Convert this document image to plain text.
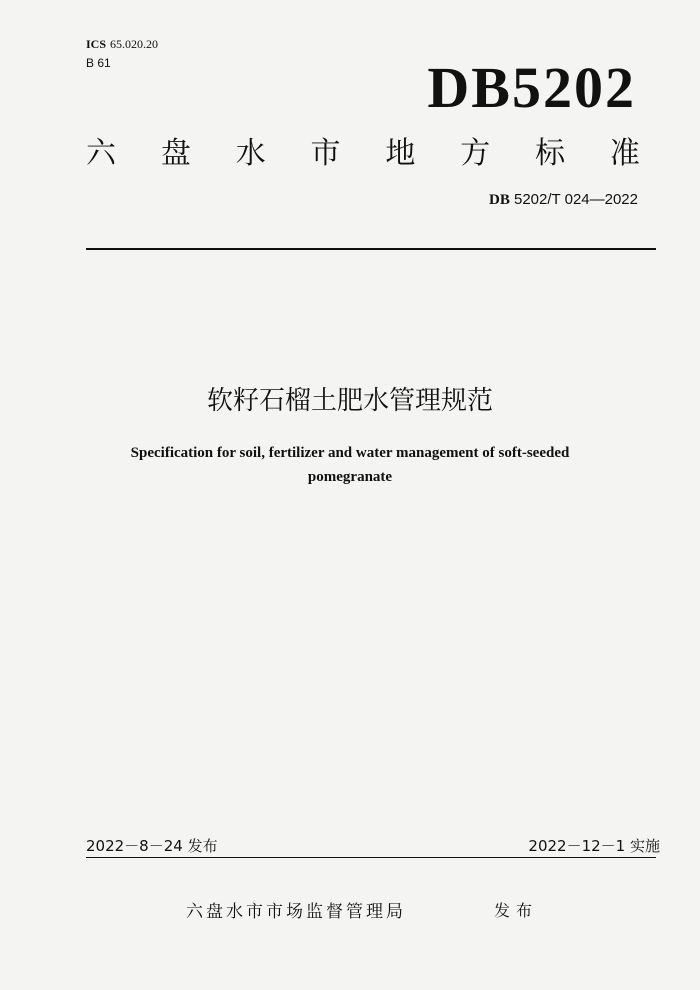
ICS 65.020.20
B 61	DB5202
六 盘 水 市 地 方 标 准
DB 5202/T 024—2022
软籽石榴土肥水管理规范
Specification for soil, fertilizer and water management of soft-seeded
pomegranate
2022－8－24 发布	2022－12－1 实施
六盘水市市场监督管理局	发布
